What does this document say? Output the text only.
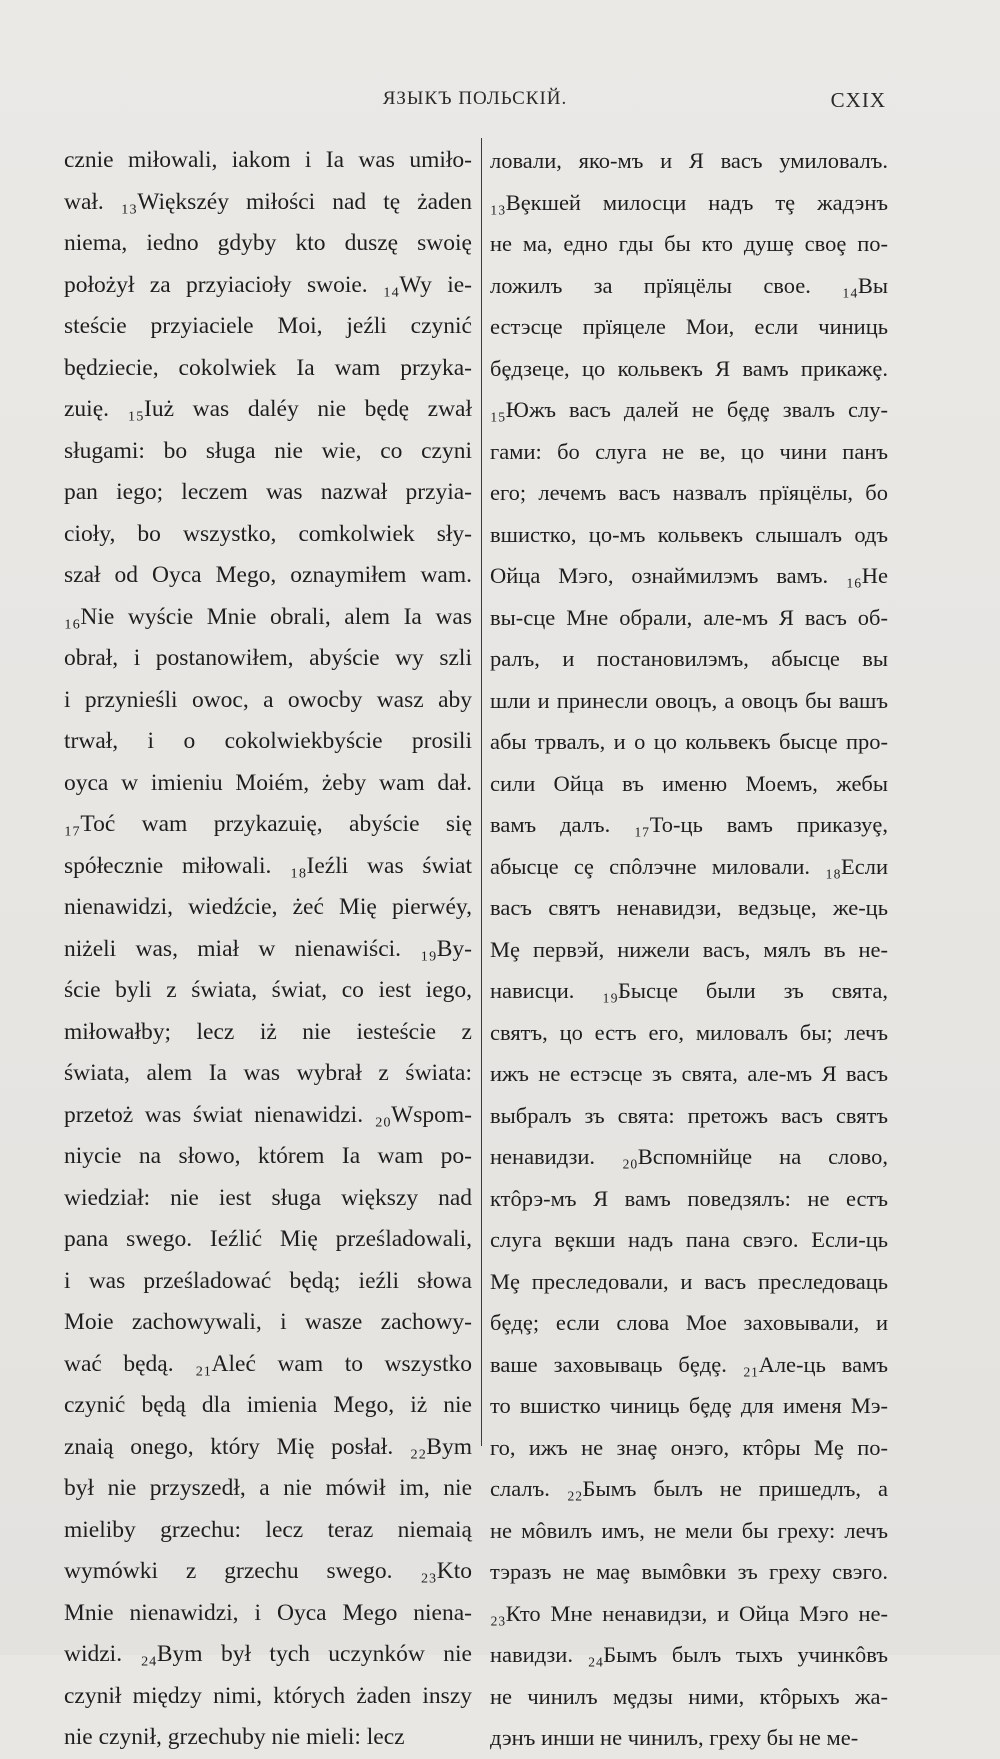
ЯЗЫКЪ ПОЛЬСКIЙ.	CXIX
cznie miłowali, iakom i Ia was umiło-
wał. ₁₃Większéy miłości nad tę żaden
niema, iedno gdyby kto duszę swoię
położył za przyiacioły swoie. ₁₄Wy ie-
steście przyiaciele Moi, jeźli czynić
będziecie, cokolwiek Ia wam przyka-
zuię. ₁₅Iuż was daléy nie będę zwał
sługami: bo sługa nie wie, co czyni
pan iego; leczem was nazwał przyia-
cioły, bo wszystko, comkolwiek sły-
szał od Oyca Mego, oznaymiłem wam.
₁₆Nie wyście Mnie obrali, alem Ia was
obrał, i postanowiłem, abyście wy szli
i przynieśli owoc, a owocby wasz aby
trwał, i o cokolwiekbyście prosili
oyca w imieniu Moiém, żeby wam dał.
₁₇Toć wam przykazuię, abyście się
spółecznie miłowali. ₁₈Ieźli was świat
nienawidzi, wiedźcie, żeć Mię pierwéy,
niżeli was, miał w nienawiści. ₁₉By-
ście byli z świata, świat, co iest iego,
miłowałby; lecz iż nie iesteście z
świata, alem Ia was wybrał z świata:
przetoż was świat nienawidzi. ₂₀Wspom-
niycie na słowo, którem Ia wam po-
wiedział: nie iest sługa większy nad
pana swego. Ieźlić Mię prześladowali,
i was prześladować będą; ieźli słowa
Moie zachowywali, i wasze zachowy-
wać będą. ₂₁Alеć wam to wszystko
czynić będą dla imienia Mego, iż nie
znaią onego, który Mię posłał. ₂₂Bym
był nie przyszedł, a nie mówił im, nie
mieliby grzechu: lecz teraz niemaią
wymówki z grzechu swego. ₂₃Kto
Mnie nienawidzi, i Oyca Mego niena-
widzi. ₂₄Bym był tych uczynków nie
czynił między nimi, których żaden inszy
nie czynił, grzechuby nie mieli: lecz
ловали, яко-мъ и Я васъ умиловалъ.
₁₃Вȩкшей милосци надъ тȩ жадэнъ
не ма, едно гды бы кто душȩ своȩ по-
ложилъ за прïяцëлы свое. ₁₄Вы
естэсце прïяцеле Мои, если чиниць
бȩдзеце, цо кольвекъ Я вамъ прикажȩ.
₁₅Южъ васъ далей не бȩдȩ звалъ слу-
гами: бо слуга не ве, цо чини панъ
его; лечемъ васъ назвалъ прïяцëлы, бо
вшистко, цо-мъ кольвекъ слышалъ одъ
Ойца Мэго, ознаймилэмъ вамъ. ₁₆Не
вы-сце Мне обрали, але-мъ Я васъ об-
ралъ, и постановилэмъ, абысце вы
шли и принесли овоцъ, а овоцъ бы вашъ
абы трвалъ, и о цо кольвекъ бысце про-
сили Ойца въ именю Моемъ, жебы
вамъ далъ. ₁₇То-ць вамъ приказуȩ,
абысце сȩ спôлэчне миловали. ₁₈Если
васъ святъ ненавидзи, ведзьце, же-ць
Мȩ первэй, нижели васъ, мялъ въ не-
нависци. ₁₉Бысце были зъ свята,
святъ, цо естъ его, миловалъ бы; лечъ
ижъ не естэсце зъ свята, але-мъ Я васъ
выбралъ зъ свята: претожъ васъ святъ
ненавидзи. ₂₀Вспомнiйце на слово,
ктôрэ-мъ Я вамъ поведзялъ: не естъ
слуга вȩкши надъ пана свэго. Если-ць
Мȩ преследовали, и васъ преследоваць
бȩдȩ; если слова Мое заховывали, и
ваше заховываць бȩдȩ. ₂₁Але-ць вамъ
то вшистко чиниць бȩдȩ для именя Мэ-
го, ижъ не знаȩ онэго, ктôры Мȩ по-
слалъ. ₂₂Бымъ былъ не пришедлъ, а
не мôвилъ имъ, не мели бы греху: лечъ
тэразъ не маȩ вымôвки зъ греху свэго.
₂₃Кто Мне ненавидзи, и Ойца Мэго не-
навидзи. ₂₄Бымъ былъ тыхъ учинкôвъ
не чинилъ мȩдзы ними, ктôрыхъ жа-
дэнъ инши не чинилъ, греху бы не ме-
